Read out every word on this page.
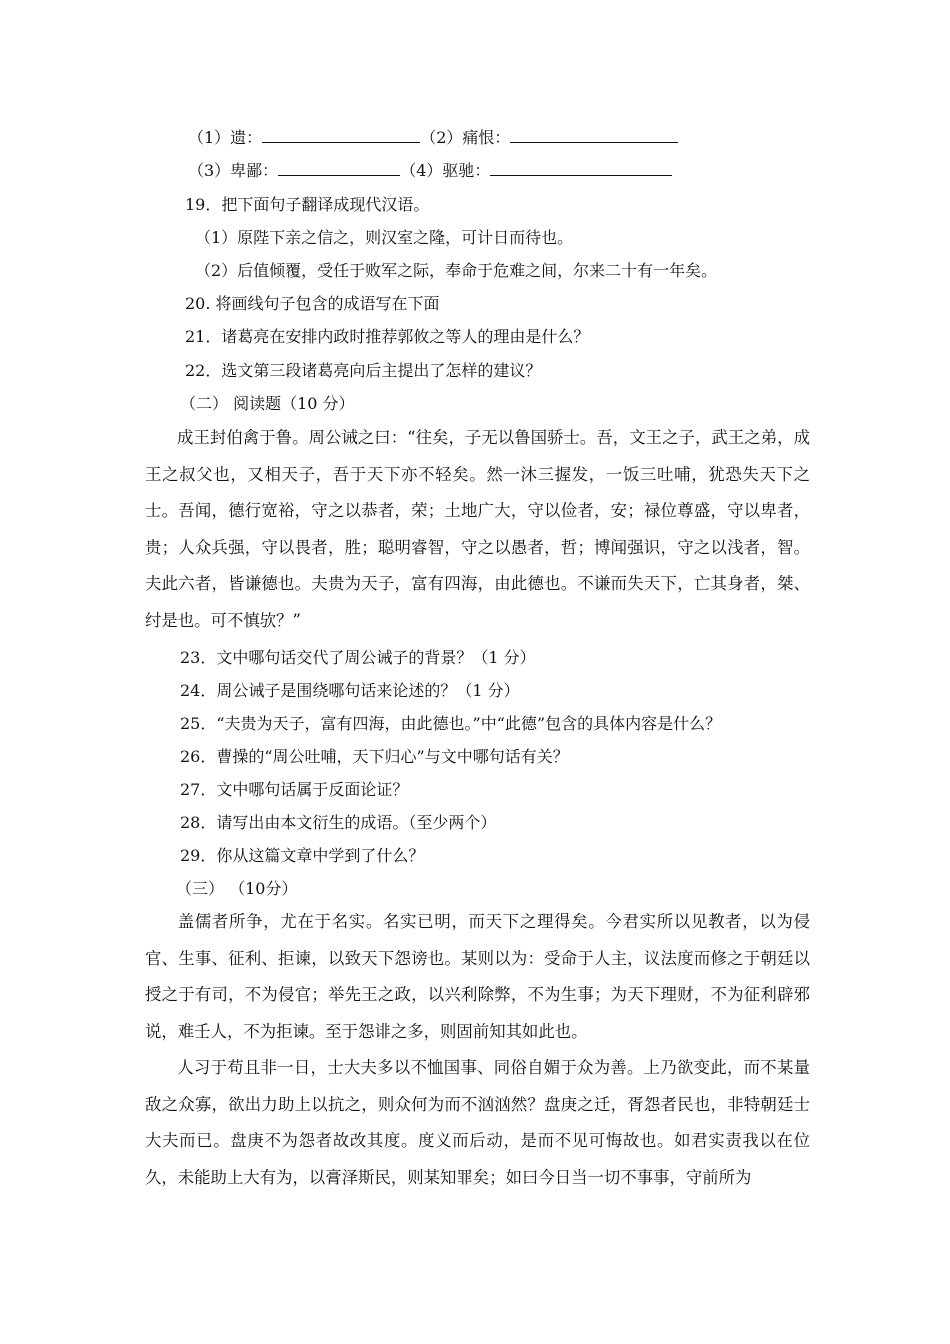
（1）遗：	（2）痛恨：
（3）卑鄙：	（4）驱驰：
19．把下面句子翻译成现代汉语。
（1）原陛下亲之信之，则汉室之隆，可计日而待也。
（2）后值倾覆，受任于败军之际，奉命于危难之间，尔来二十有一年矣。
20. 将画线句子包含的成语写在下面
21．诸葛亮在安排内政时推荐郭攸之等人的理由是什么？
22．选文第三段诸葛亮向后主提出了怎样的建议？
（二） 阅读题（10 分）
成王封伯禽于鲁。周公诫之曰：“往矣，子无以鲁国骄士。吾，文王之子，武王之弟，成王之叔父也，又相天子，吾于天下亦不轻矣。然一沐三握发，一饭三吐哺，犹恐失天下之士。吾闻，德行宽裕，守之以恭者，荣；土地广大，守以俭者，安；禄位尊盛，守以卑者，贵；人众兵强，守以畏者，胜；聪明睿智，守之以愚者，哲；博闻强识，守之以浅者，智。夫此六者，皆谦德也。夫贵为天子，富有四海，由此德也。不谦而失天下，亡其身者，桀、纣是也。可不慎欤？”
23．文中哪句话交代了周公诫子的背景？（1 分）
24．周公诫子是围绕哪句话来论述的？（1 分）
25．“夫贵为天子，富有四海，由此德也。”中“此德”包含的具体内容是什么？
26．曹操的“周公吐哺，天下归心”与文中哪句话有关？
27．文中哪句话属于反面论证？
28．请写出由本文衍生的成语。（至少两个）
29．你从这篇文章中学到了什么？
（三） （10分）
盖儒者所争，尤在于名实。名实已明，而天下之理得矣。今君实所以见教者，以为侵官、生事、征利、拒谏，以致天下怨谤也。某则以为：受命于人主，议法度而修之于朝廷以授之于有司，不为侵官；举先王之政，以兴利除弊，不为生事；为天下理财，不为征利辟邪说，难壬人，不为拒谏。至于怨诽之多，则固前知其如此也。
人习于苟且非一日，士大夫多以不恤国事、同俗自媚于众为善。上乃欲变此，而不某量敌之众寡，欲出力助上以抗之，则众何为而不汹汹然？盘庚之迁，胥怨者民也，非特朝廷士大夫而已。盘庚不为怨者故改其度。度义而后动，是而不见可悔故也。如君实责我以在位久，未能助上大有为，以膏泽斯民，则某知罪矣；如曰今日当一切不事事，守前所为
